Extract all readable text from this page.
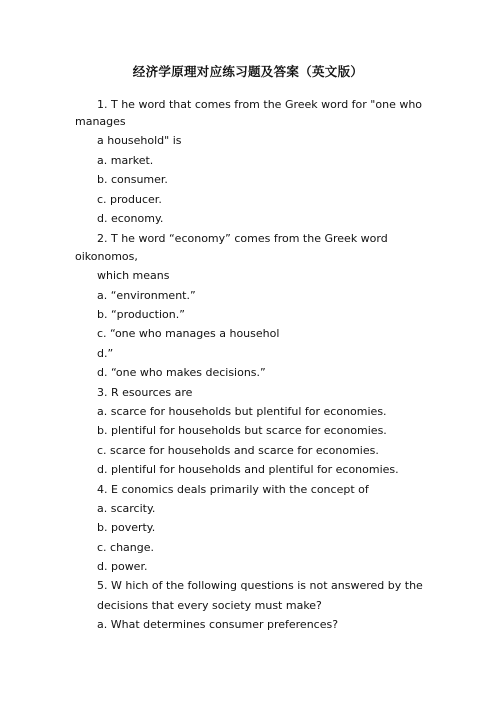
经济学原理对应练习题及答案（英文版）
1. T he word that comes from the Greek word for "one who
manages
a household" is
a. market.
b. consumer.
c. producer.
d. economy.
2. T he word “economy” comes from the Greek word
oikonomos,
which means
a. “environment.”
b. “production.”
c. “one who manages a househol
d.”
d. “one who makes decisions.”
3. R esources are
a. scarce for households but plentiful for economies.
b. plentiful for households but scarce for economies.
c. scarce for households and scarce for economies.
d. plentiful for households and plentiful for economies.
4. E conomics deals primarily with the concept of
a. scarcity.
b. poverty.
c. change.
d. power.
5. W hich of the following questions is not answered by the
decisions that every society must make?
a. What determines consumer preferences?
